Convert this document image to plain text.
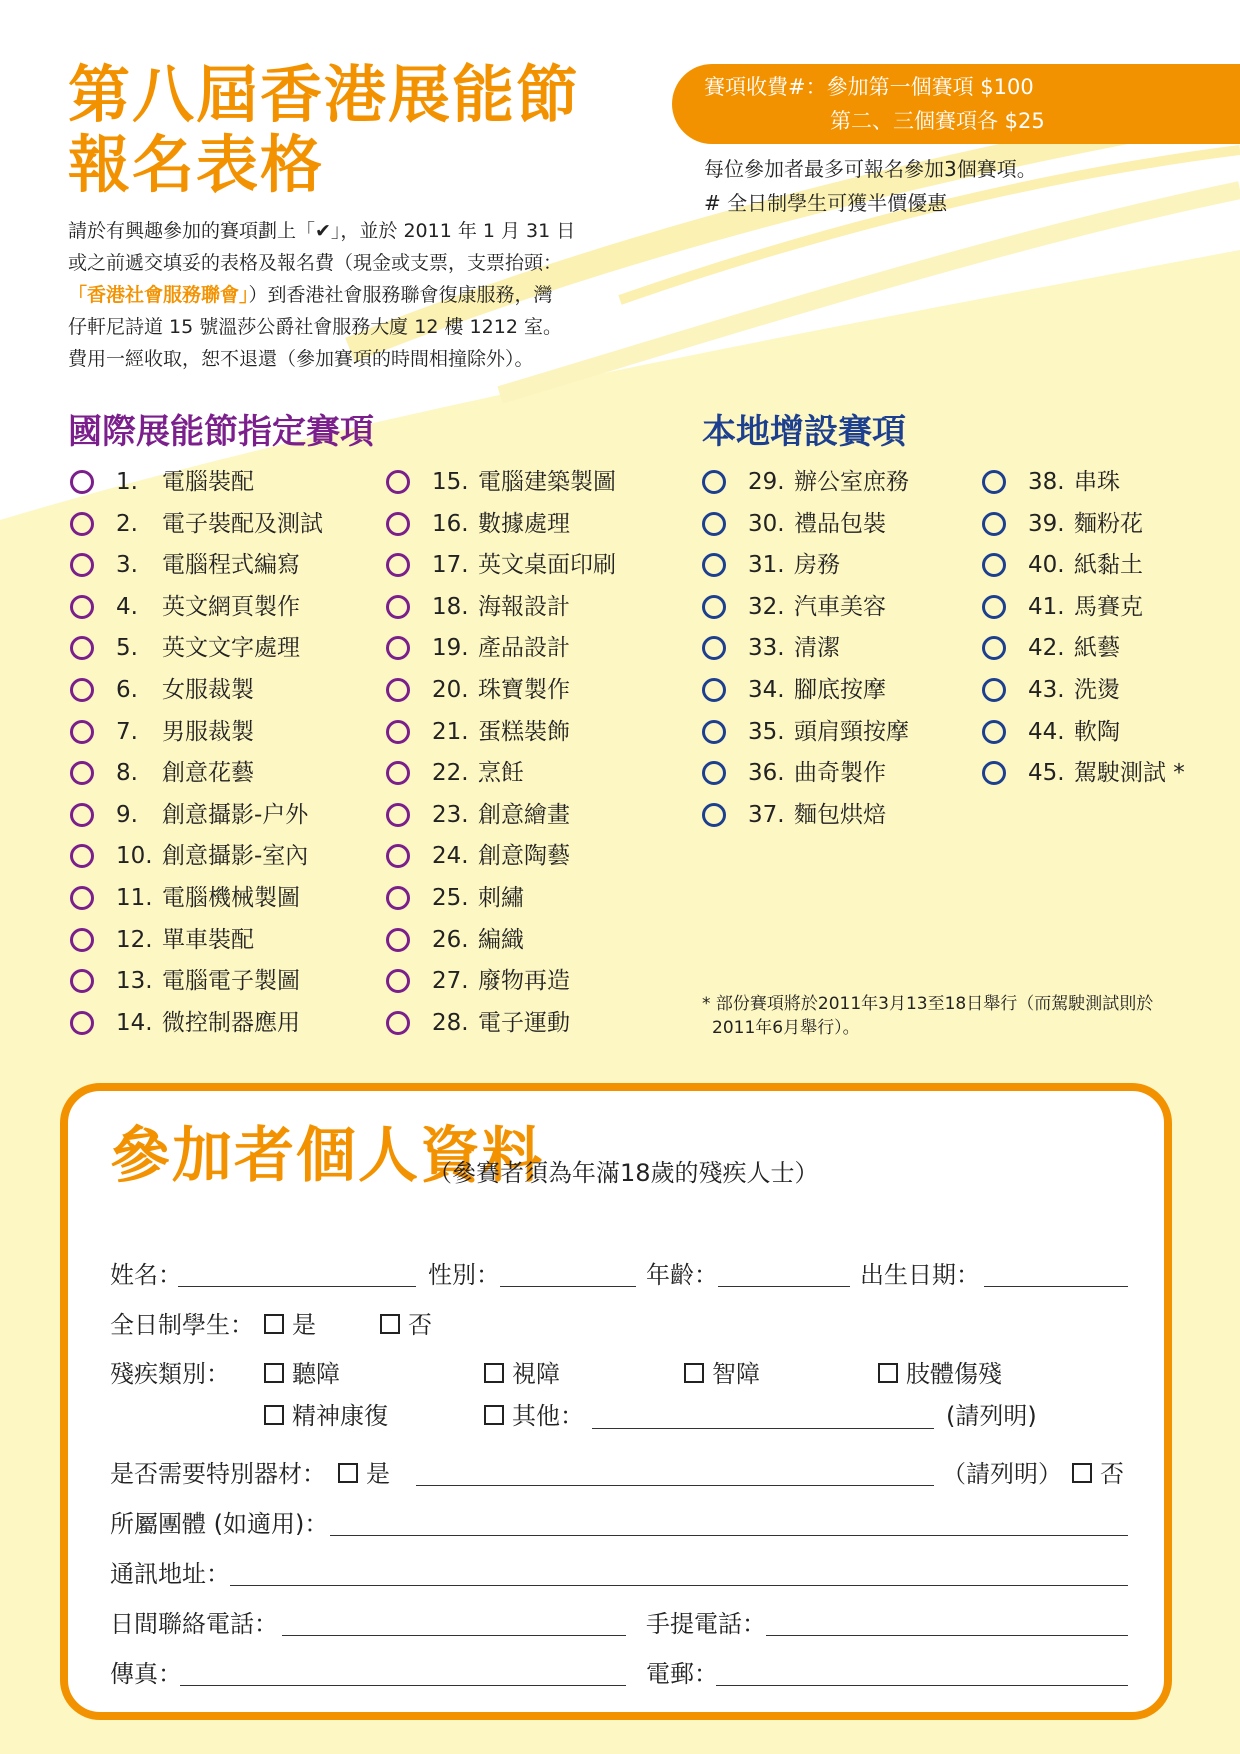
第八屆香港展能節
報名表格
賽項收費#：參加第一個賽項 $100
第二、三個賽項各 $25
每位參加者最多可報名參加3個賽項。
# 全日制學生可獲半價優惠
請於有興趣參加的賽項劃上「✔」，並於 2011 年 1 月 31 日
或之前遞交填妥的表格及報名費（現金或支票，支票抬頭：
「香港社會服務聯會」）到香港社會服務聯會復康服務，灣
仔軒尼詩道 15 號溫莎公爵社會服務大廈 12 樓 1212 室。
費用一經收取，恕不退還（參加賽項的時間相撞除外）。
國際展能節指定賽項	本地增設賽項
1. 電腦裝配
2. 電子裝配及測試
3. 電腦程式編寫
4. 英文網頁製作
5. 英文文字處理
6. 女服裁製
7. 男服裁製
8. 創意花藝
9. 創意攝影-户外
10. 創意攝影-室內
11. 電腦機械製圖
12. 單車裝配
13. 電腦電子製圖
14. 微控制器應用
15. 電腦建築製圖
16. 數據處理
17. 英文桌面印刷
18. 海報設計
19. 產品設計
20. 珠寶製作
21. 蛋糕裝飾
22. 烹飪
23. 創意繪畫
24. 創意陶藝
25. 刺繡
26. 編織
27. 廢物再造
28. 電子運動
29. 辦公室庶務
30. 禮品包裝
31. 房務
32. 汽車美容
33. 清潔
34. 腳底按摩
35. 頭肩頸按摩
36. 曲奇製作
37. 麵包烘焙
38. 串珠
39. 麵粉花
40. 紙黏土
41. 馬賽克
42. 紙藝
43. 洗燙
44. 軟陶
45. 駕駛測試 *
* 部份賽項將於2011年3月13至18日舉行（而駕駛測試則於
2011年6月舉行）。
參加者個人資料
（參賽者須為年滿18歲的殘疾人士）
姓名：	性別：	年齡：	出生日期：
全日制學生：	是	否
殘疾類別：	聽障	視障	智障	肢體傷殘
精神康復	其他：	(請列明)
是否需要特別器材：	是	（請列明）	否
所屬團體 (如適用)：
通訊地址：
日間聯絡電話：	手提電話：
傳真：	電郵：
